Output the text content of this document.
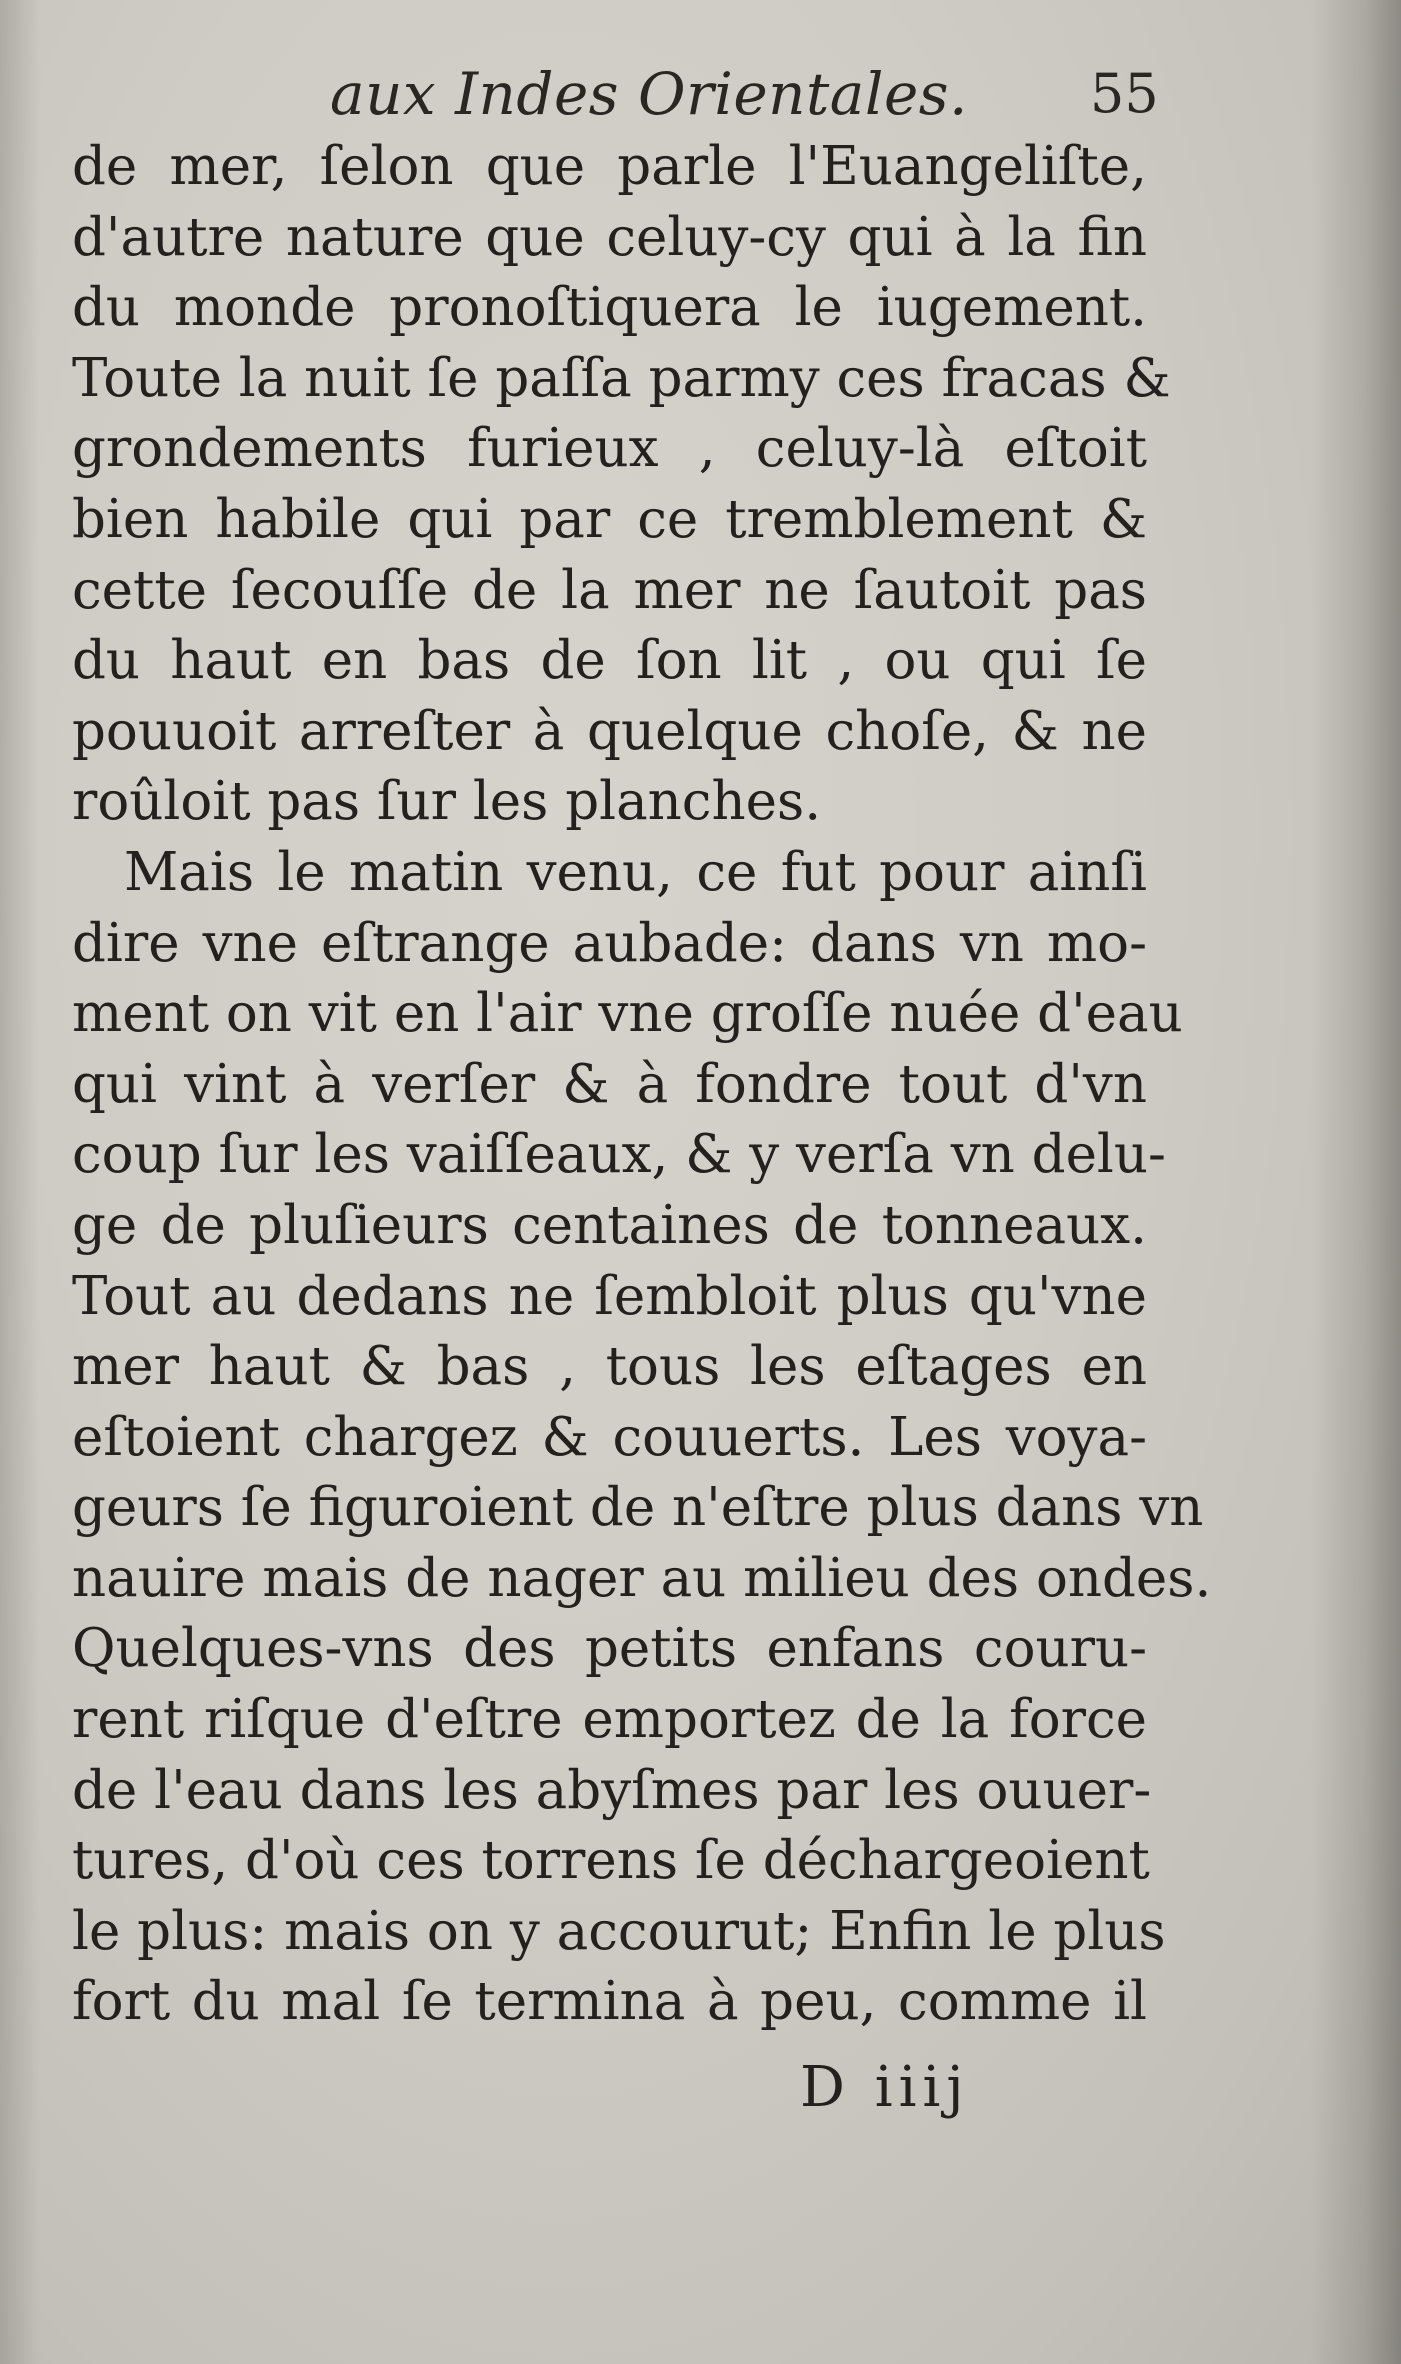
aux Indes Orientales. 55
de mer, ſelon que parle l'Euangeliſte,
d'autre nature que celuy-cy qui à la fin
du monde pronoſtiquera le iugement.
Toute la nuit ſe paſſa parmy ces fracas &
grondements furieux , celuy-là eſtoit
bien habile qui par ce tremblement &
cette ſecouſſe de la mer ne ſautoit pas
du haut en bas de ſon lit , ou qui ſe
pouuoit arreſter à quelque choſe, & ne
roûloit pas ſur les planches.
Mais le matin venu, ce fut pour ainſi
dire vne eſtrange aubade: dans vn mo-
ment on vit en l'air vne groſſe nuée d'eau
qui vint à verſer & à fondre tout d'vn
coup ſur les vaiſſeaux, & y verſa vn delu-
ge de pluſieurs centaines de tonneaux.
Tout au dedans ne ſembloit plus qu'vne
mer haut & bas , tous les eſtages en
eſtoient chargez & couuerts. Les voya-
geurs ſe figuroient de n'eſtre plus dans vn
nauire mais de nager au milieu des ondes.
Quelques-vns des petits enfans couru-
rent riſque d'eſtre emportez de la force
de l'eau dans les abyſmes par les ouuer-
tures, d'où ces torrens ſe déchargeoient
le plus: mais on y accourut; Enfin le plus
fort du mal ſe termina à peu, comme il
D iiij
